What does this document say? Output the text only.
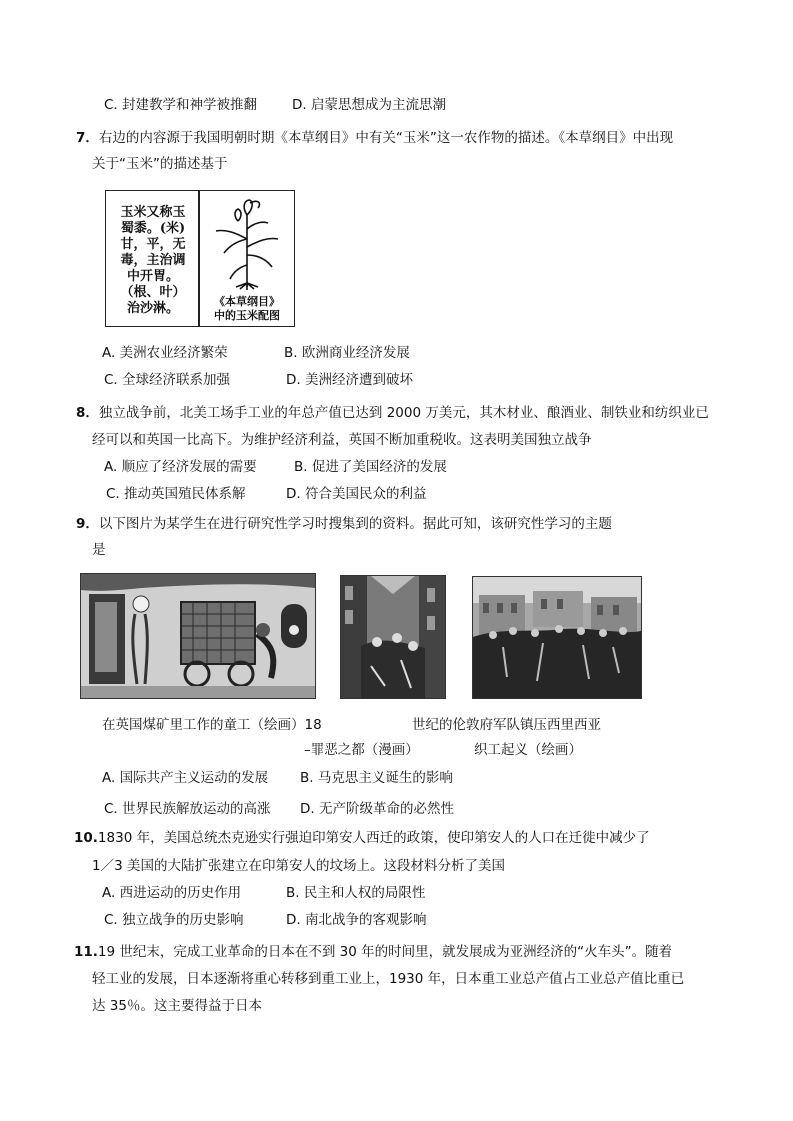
C. 封建教学和神学被推翻	D. 启蒙思想成为主流思潮
7．右边的内容源于我国明朝时期《本草纲目》中有关“玉米”这一农作物的描述。《本草纲目》中出现
关于“玉米”的描述基于
玉米又称玉
蜀黍。(米)
甘，平，无
毒，主治调
中开胃。
（根、叶）
治沙淋。	《本草纲目》
中的玉米配图
A. 美洲农业经济繁荣	B. 欧洲商业经济发展
C. 全球经济联系加强	D. 美洲经济遭到破坏
8．独立战争前，北美工场手工业的年总产值已达到 2000 万美元，其木材业、酿酒业、制铁业和纺织业已
经可以和英国一比高下。为维护经济利益，英国不断加重税收。这表明美国独立战争
A. 顺应了经济发展的需要	B. 促进了美国经济的发展
C. 推动英国殖民体系解	D. 符合美国民众的利益
9．以下图片为某学生在进行研究性学习时搜集到的资料。据此可知，该研究性学习的主题
是
在英国煤矿里工作的童工（绘画）18	世纪的伦敦府军队镇压西里西亚
–罪恶之都（漫画）	织工起义（绘画）
A. 国际共产主义运动的发展 B. 马克思主义诞生的影响
C. 世界民族解放运动的高涨 D. 无产阶级革命的必然性
10.1830 年，美国总统杰克逊实行强迫印第安人西迁的政策，使印第安人的人口在迁徙中减少了
1／3 美国的大陆扩张建立在印第安人的坟场上。这段材料分析了美国
A. 西进运动的历史作用	B. 民主和人权的局限性
C. 独立战争的历史影响	D. 南北战争的客观影响
11.19 世纪末，完成工业革命的日本在不到 30 年的时间里，就发展成为亚洲经济的“火车头”。随着
轻工业的发展，日本逐渐将重心转移到重工业上，1930 年，日本重工业总产值占工业总产值比重已
达 35％。这主要得益于日本
